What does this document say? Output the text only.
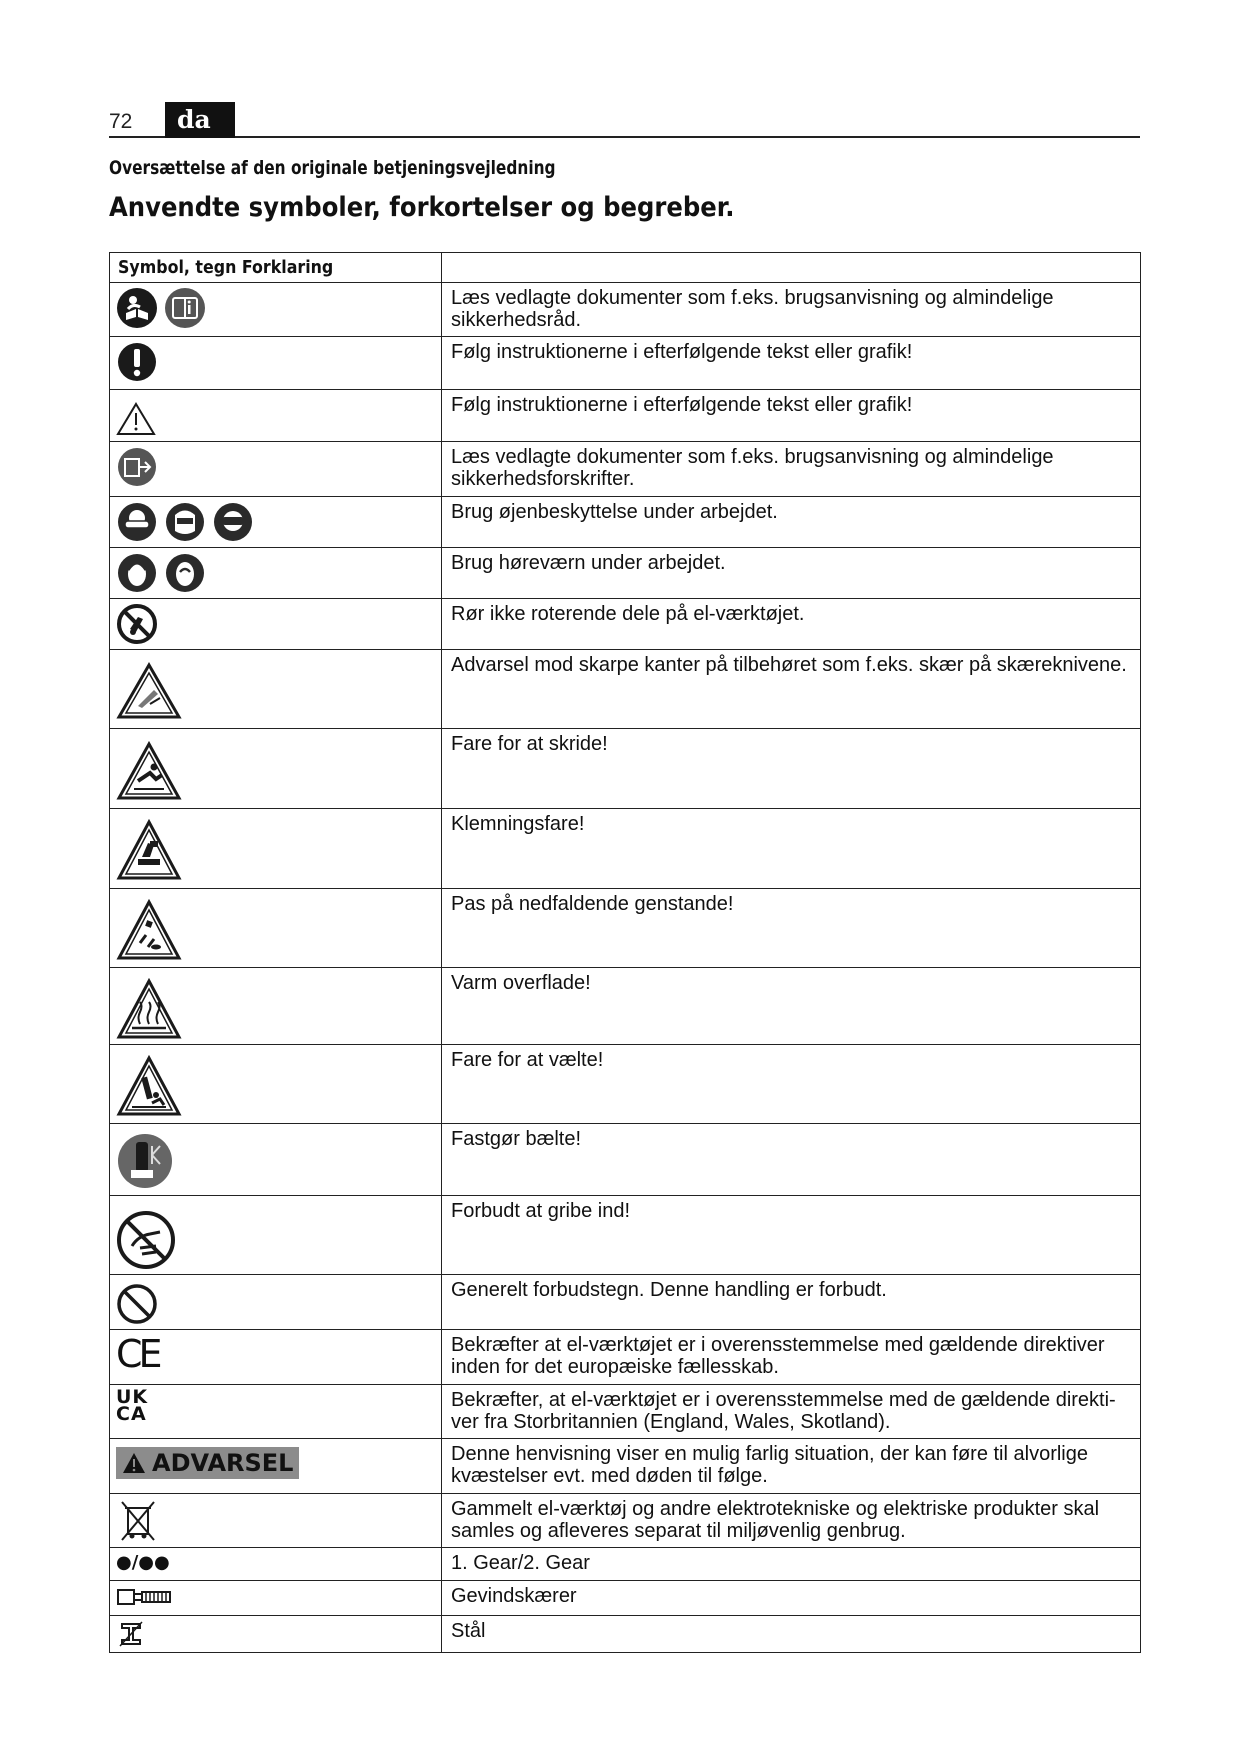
72	da
Oversættelse af den originale betjeningsvejledning
Anvendte symboler, forkortelser og begreber.
Symbol, tegn Forklaring	

	Læs vedlagte dokumenter som f.eks. brugsanvisning og almindelige sikkerhedsråd.

	Følg instruktionerne i efterfølgende tekst eller grafik!

	Følg instruktionerne i efterfølgende tekst eller grafik!

	Læs vedlagte dokumenter som f.eks. brugsanvisning og almindelige sikkerhedsforskrifter.

	Brug øjenbeskyttelse under arbejdet.

	Brug høreværn under arbejdet.

	Rør ikke roterende dele på el-værktøjet.

	Advarsel mod skarpe kanter på tilbehøret som f.eks. skær på skæreknivene.

	Fare for at skride!

	Klemningsfare!

	Pas på nedfaldende genstande!

	Varm overflade!

	Fare for at vælte!

	Fastgør bælte!

	Forbudt at gribe ind!

	Generelt forbudstegn. Denne handling er forbudt.

CE	Bekræfter at el-værktøjet er i overensstemmelse med gældende direktiver inden for det europæiske fællesskab.

UK CA	Bekræfter, at el-værktøjet er i overensstemmelse med de gældende direkti-ver fra Storbritannien (England, Wales, Skotland).

ADVARSEL	Denne henvisning viser en mulig farlig situation, der kan føre til alvorlige kvæstelser evt. med døden til følge.

	Gammelt el-værktøj og andre elektrotekniske og elektriske produkter skal samles og afleveres separat til miljøvenlig genbrug.

●/●●	1. Gear/2. Gear

	Gevindskærer

	Stål
